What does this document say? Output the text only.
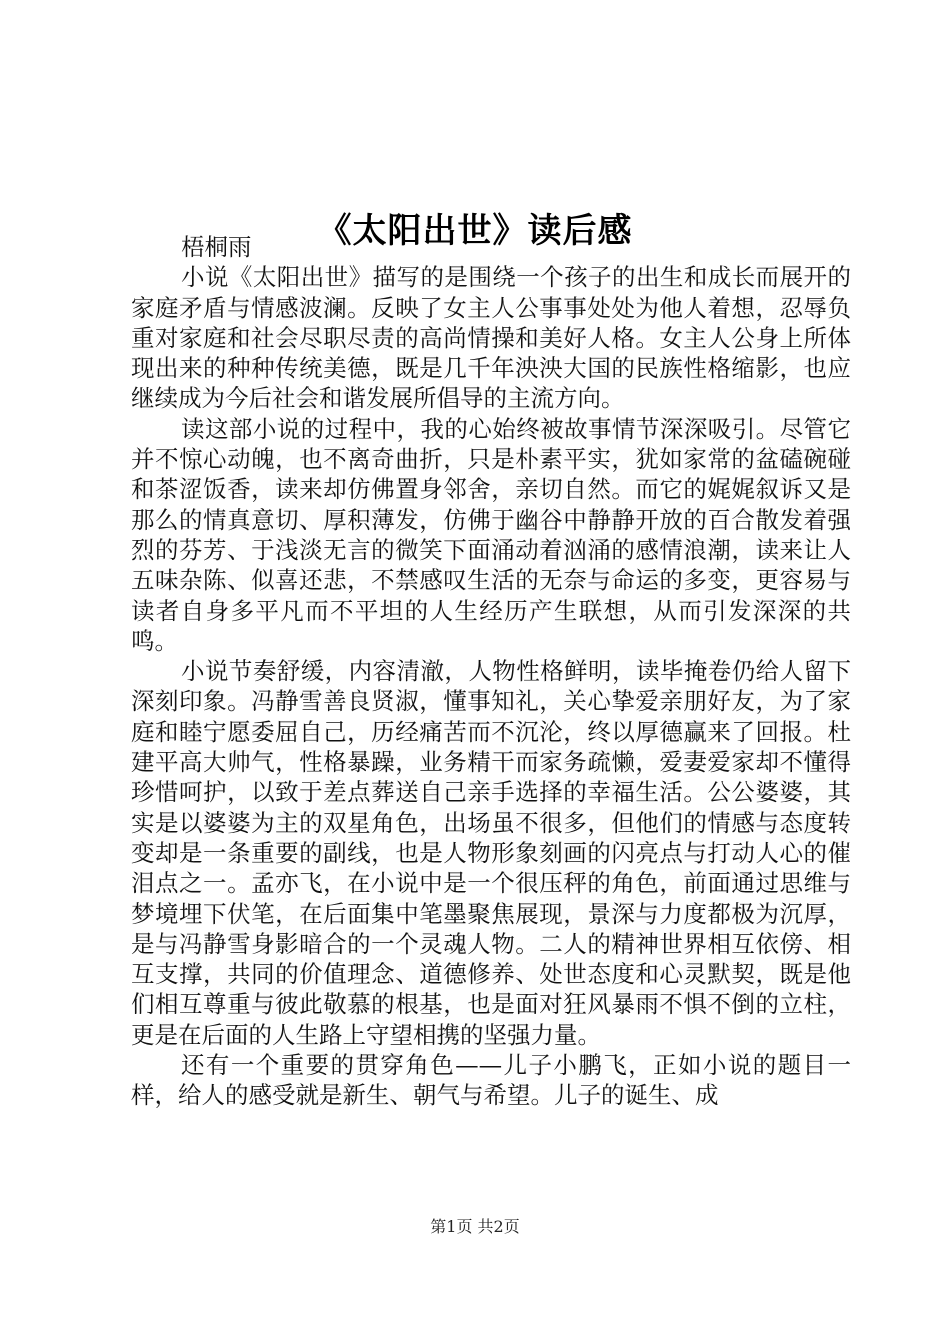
《太阳出世》读后感

梧桐雨

小说《太阳出世》描写的是围绕一个孩子的出生和成长而展开的家庭矛盾与情感波澜。反映了女主人公事事处处为他人着想，忍辱负重对家庭和社会尽职尽责的高尚情操和美好人格。女主人公身上所体现出来的种种传统美德，既是几千年泱泱大国的民族性格缩影，也应继续成为今后社会和谐发展所倡导的主流方向。

读这部小说的过程中，我的心始终被故事情节深深吸引。尽管它并不惊心动魄，也不离奇曲折，只是朴素平实，犹如家常的盆磕碗碰和茶涩饭香，读来却仿佛置身邻舍，亲切自然。而它的娓娓叙诉又是那么的情真意切、厚积薄发，仿佛于幽谷中静静开放的百合散发着强烈的芬芳、于浅淡无言的微笑下面涌动着汹涌的感情浪潮，读来让人五味杂陈、似喜还悲，不禁感叹生活的无奈与命运的多变，更容易与读者自身多平凡而不平坦的人生经历产生联想，从而引发深深的共鸣。

小说节奏舒缓，内容清澈，人物性格鲜明，读毕掩卷仍给人留下深刻印象。冯静雪善良贤淑，懂事知礼，关心挚爱亲朋好友，为了家庭和睦宁愿委屈自己，历经痛苦而不沉沦，终以厚德赢来了回报。杜建平高大帅气，性格暴躁，业务精干而家务疏懒，爱妻爱家却不懂得珍惜呵护，以致于差点葬送自己亲手选择的幸福生活。公公婆婆，其实是以婆婆为主的双星角色，出场虽不很多，但他们的情感与态度转变却是一条重要的副线，也是人物形象刻画的闪亮点与打动人心的催泪点之一。孟亦飞，在小说中是一个很压秤的角色，前面通过思维与梦境埋下伏笔，在后面集中笔墨聚焦展现，景深与力度都极为沉厚，是与冯静雪身影暗合的一个灵魂人物。二人的精神世界相互依傍、相互支撑，共同的价值理念、道德修养、处世态度和心灵默契，既是他们相互尊重与彼此敬慕的根基，也是面对狂风暴雨不惧不倒的立柱，更是在后面的人生路上守望相携的坚强力量。

还有一个重要的贯穿角色——儿子小鹏飞，正如小说的题目一样，给人的感受就是新生、朝气与希望。儿子的诞生、成

第1页 共2页
